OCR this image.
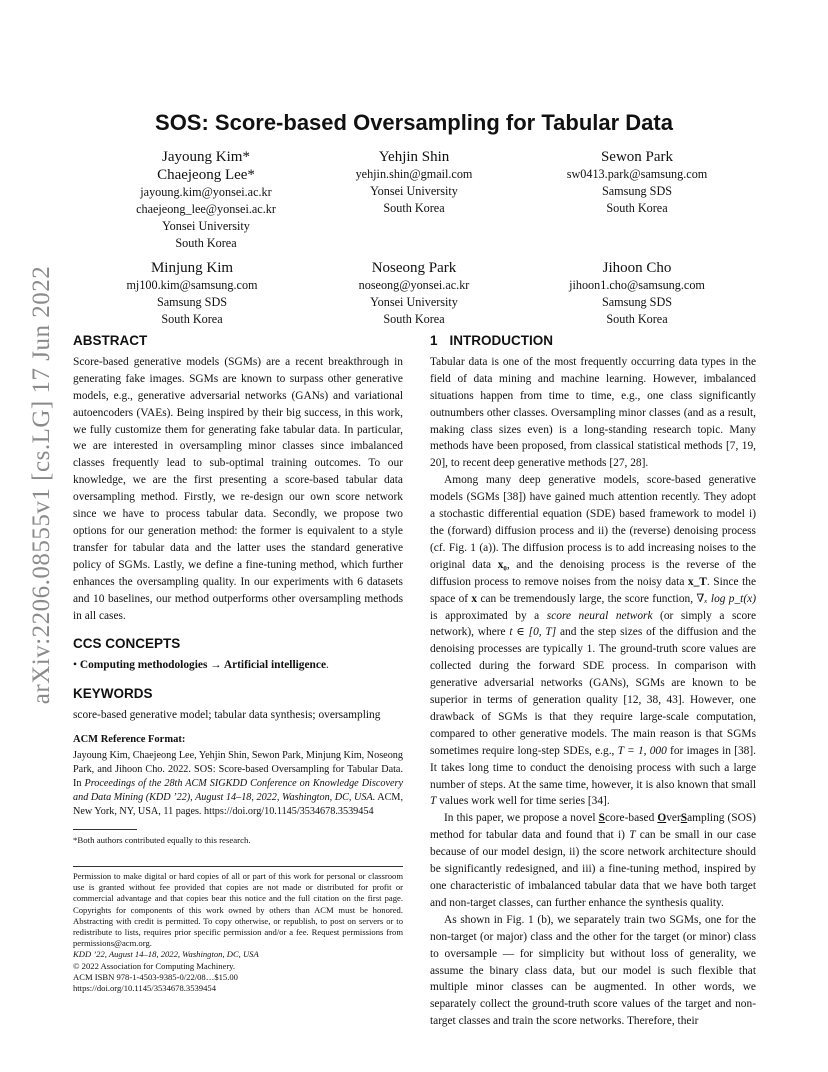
arXiv:2206.08555v1 [cs.LG] 17 Jun 2022
SOS: Score-based Oversampling for Tabular Data
Jayoung Kim*
Chaejeong Lee*
jayoung.kim@yonsei.ac.kr
chaejeong_lee@yonsei.ac.kr
Yonsei University
South Korea
Yehjin Shin
yehjin.shin@gmail.com
Yonsei University
South Korea
Sewon Park
sw0413.park@samsung.com
Samsung SDS
South Korea
Minjung Kim
mj100.kim@samsung.com
Samsung SDS
South Korea
Noseong Park
noseong@yonsei.ac.kr
Yonsei University
South Korea
Jihoon Cho
jihoon1.cho@samsung.com
Samsung SDS
South Korea
ABSTRACT

Score-based generative models (SGMs) are a recent breakthrough in generating fake images. SGMs are known to surpass other generative models, e.g., generative adversarial networks (GANs) and variational autoencoders (VAEs). Being inspired by their big success, in this work, we fully customize them for generating fake tabular data. In particular, we are interested in oversampling minor classes since imbalanced classes frequently lead to sub-optimal training outcomes. To our knowledge, we are the first presenting a score-based tabular data oversampling method. Firstly, we re-design our own score network since we have to process tabular data. Secondly, we propose two options for our generation method: the former is equivalent to a style transfer for tabular data and the latter uses the standard generative policy of SGMs. Lastly, we define a fine-tuning method, which further enhances the oversampling quality. In our experiments with 6 datasets and 10 baselines, our method outperforms other oversampling methods in all cases.

CCS CONCEPTS

• Computing methodologies → Artificial intelligence.

KEYWORDS

score-based generative model; tabular data synthesis; oversampling

ACM Reference Format:

Jayoung Kim, Chaejeong Lee, Yehjin Shin, Sewon Park, Minjung Kim, Noseong Park, and Jihoon Cho. 2022. SOS: Score-based Oversampling for Tabular Data. In Proceedings of the 28th ACM SIGKDD Conference on Knowledge Discovery and Data Mining (KDD ’22), August 14–18, 2022, Washington, DC, USA. ACM, New York, NY, USA, 11 pages. https://doi.org/10.1145/3534678.3539454

*Both authors contributed equally to this research.

Permission to make digital or hard copies of all or part of this work for personal or classroom use is granted without fee provided that copies are not made or distributed for profit or commercial advantage and that copies bear this notice and the full citation on the first page. Copyrights for components of this work owned by others than ACM must be honored. Abstracting with credit is permitted. To copy otherwise, or republish, to post on servers or to redistribute to lists, requires prior specific permission and/or a fee. Request permissions from permissions@acm.org.

KDD ’22, August 14–18, 2022, Washington, DC, USA
© 2022 Association for Computing Machinery.
ACM ISBN 978-1-4503-9385-0/22/08…$15.00
https://doi.org/10.1145/3534678.3539454
1 INTRODUCTION

Tabular data is one of the most frequently occurring data types in the field of data mining and machine learning. However, imbalanced situations happen from time to time, e.g., one class significantly outnumbers other classes. Oversampling minor classes (and as a result, making class sizes even) is a long-standing research topic. Many methods have been proposed, from classical statistical methods [7, 19, 20], to recent deep generative methods [27, 28].

Among many deep generative models, score-based generative models (SGMs [38]) have gained much attention recently. They adopt a stochastic differential equation (SDE) based framework to model i) the (forward) diffusion process and ii) the (reverse) denoising process (cf. Fig. 1 (a)). The diffusion process is to add increasing noises to the original data x₀, and the denoising process is the reverse of the diffusion process to remove noises from the noisy data x_T. Since the space of x can be tremendously large, the score function, ∇ₓ log p_t(x) is approximated by a score neural network (or simply a score network), where t ∈ [0, T] and the step sizes of the diffusion and the denoising processes are typically 1. The ground-truth score values are collected during the forward SDE process. In comparison with generative adversarial networks (GANs), SGMs are known to be superior in terms of generation quality [12, 38, 43]. However, one drawback of SGMs is that they require large-scale computation, compared to other generative models. The main reason is that SGMs sometimes require long-step SDEs, e.g., T = 1, 000 for images in [38]. It takes long time to conduct the denoising process with such a large number of steps. At the same time, however, it is also known that small T values work well for time series [34].

In this paper, we propose a novel Score-based OverSampling (SOS) method for tabular data and found that i) T can be small in our case because of our model design, ii) the score network architecture should be significantly redesigned, and iii) a fine-tuning method, inspired by one characteristic of imbalanced tabular data that we have both target and non-target classes, can further enhance the synthesis quality.

As shown in Fig. 1 (b), we separately train two SGMs, one for the non-target (or major) class and the other for the target (or minor) class to oversample — for simplicity but without loss of generality, we assume the binary class data, but our model is such flexible that multiple minor classes can be augmented. In other words, we separately collect the ground-truth score values of the target and non-target classes and train the score networks. Therefore, their
